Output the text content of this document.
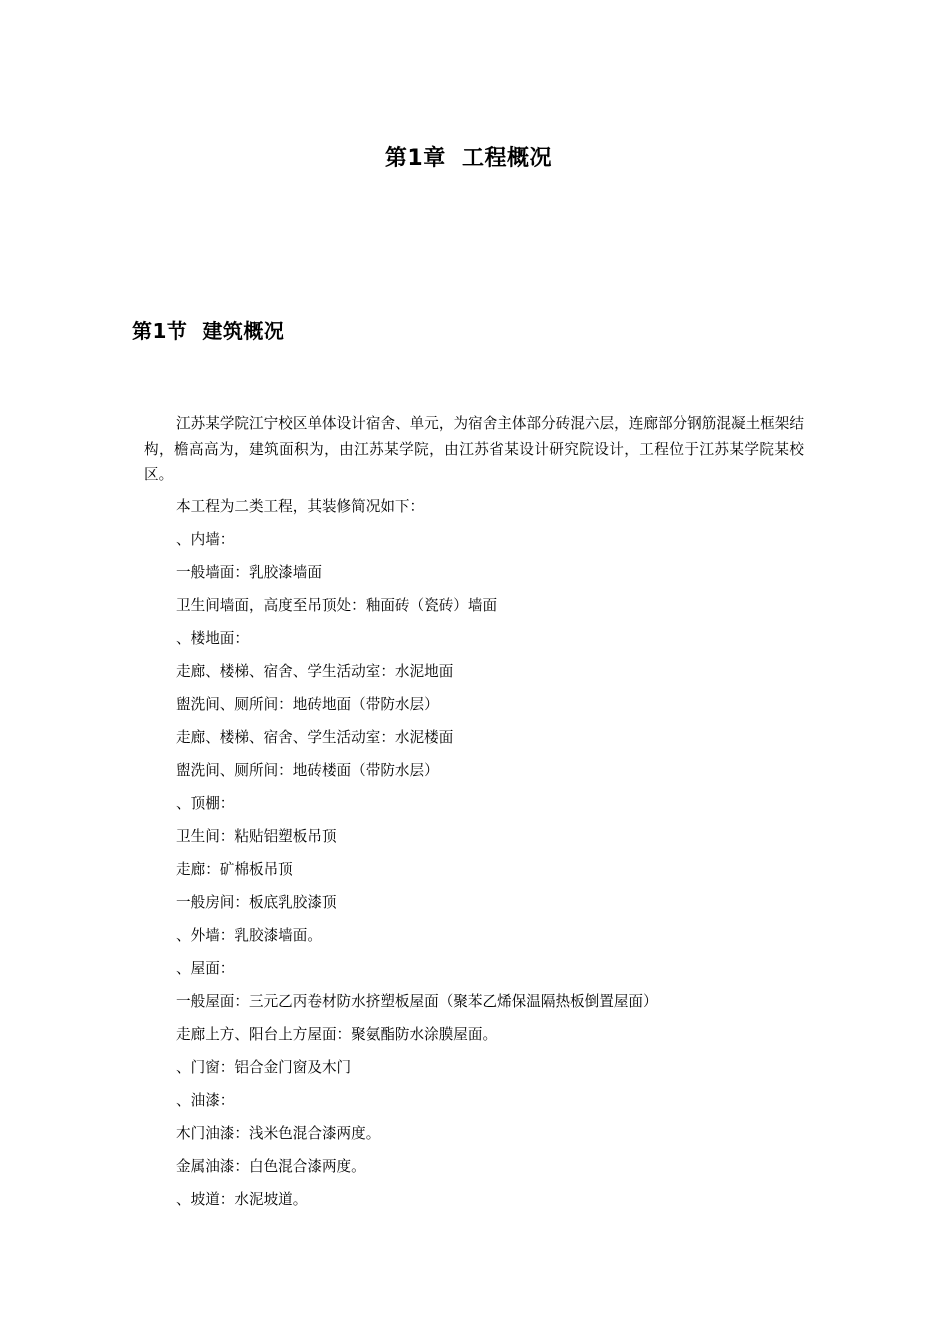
第1章  工程概况
第1节  建筑概况

江苏某学院江宁校区单体设计宿舍、单元，为宿舍主体部分砖混六层，连廊部分钢筋混凝土框架结构，檐高高为，建筑面积为，由江苏某学院，由江苏省某设计研究院设计，工程位于江苏某学院某校区。

本工程为二类工程，其装修简况如下：
、内墙：
一般墙面：乳胶漆墙面
卫生间墙面，高度至吊顶处：釉面砖（瓷砖）墙面
、楼地面：
走廊、楼梯、宿舍、学生活动室：水泥地面
盥洗间、厕所间：地砖地面（带防水层）
走廊、楼梯、宿舍、学生活动室：水泥楼面
盥洗间、厕所间：地砖楼面（带防水层）
、顶棚：
卫生间：粘贴铝塑板吊顶
走廊：矿棉板吊顶
一般房间：板底乳胶漆顶
、外墙：乳胶漆墙面。
、屋面：
一般屋面：三元乙丙卷材防水挤塑板屋面（聚苯乙烯保温隔热板倒置屋面）
走廊上方、阳台上方屋面：聚氨酯防水涂膜屋面。
、门窗：铝合金门窗及木门
、油漆：
木门油漆：浅米色混合漆两度。
金属油漆：白色混合漆两度。
、坡道：水泥坡道。
